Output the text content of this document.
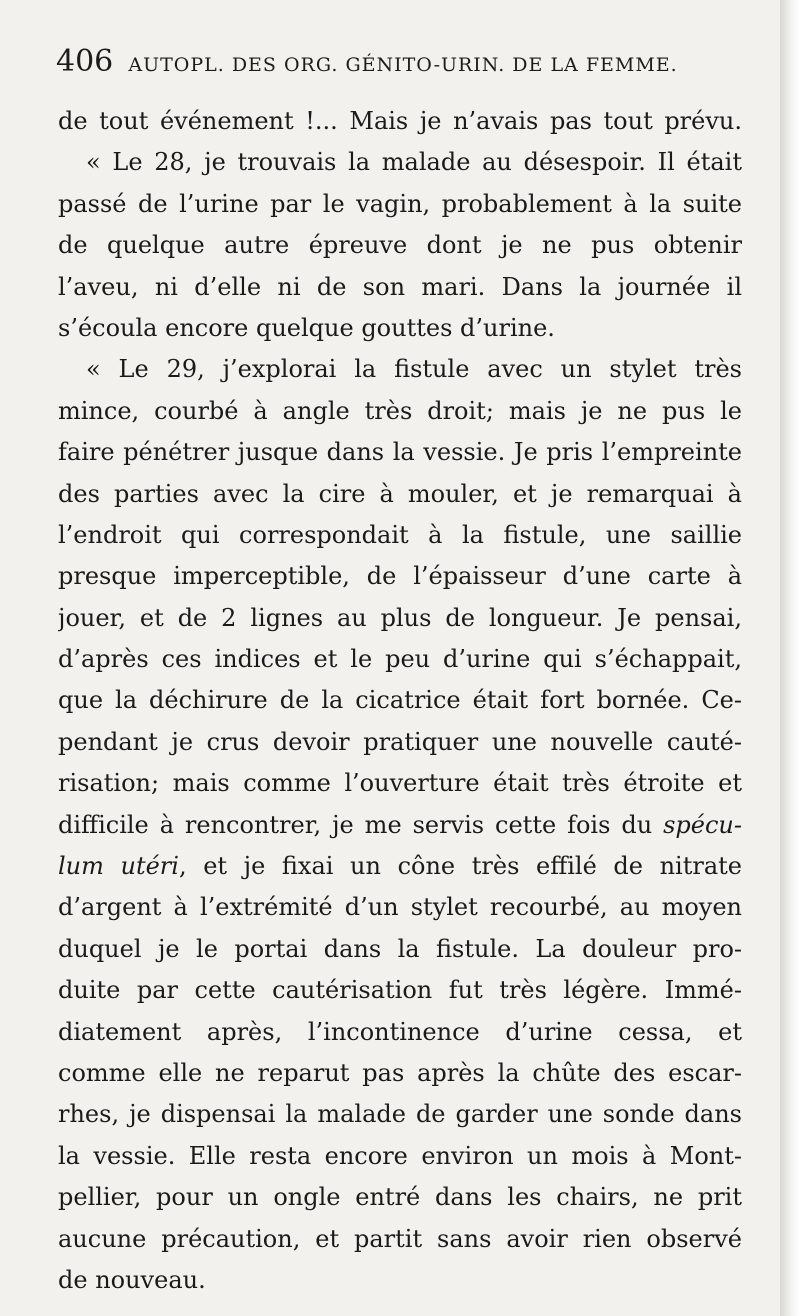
406 AUTOPL. DES ORG. GÉNITO-URIN. DE LA FEMME.
de tout événement !... Mais je n’avais pas tout prévu.
« Le 28, je trouvais la malade au désespoir. Il était
passé de l’urine par le vagin, probablement à la suite
de quelque autre épreuve dont je ne pus obtenir
l’aveu, ni d’elle ni de son mari. Dans la journée il
s’écoula encore quelque gouttes d’urine.
« Le 29, j’explorai la fistule avec un stylet très
mince, courbé à angle très droit; mais je ne pus le
faire pénétrer jusque dans la vessie. Je pris l’empreinte
des parties avec la cire à mouler, et je remarquai à
l’endroit qui correspondait à la fistule, une saillie
presque imperceptible, de l’épaisseur d’une carte à
jouer, et de 2 lignes au plus de longueur. Je pensai,
d’après ces indices et le peu d’urine qui s’échappait,
que la déchirure de la cicatrice était fort bornée. Ce-
pendant je crus devoir pratiquer une nouvelle cauté-
risation; mais comme l’ouverture était très étroite et
difficile à rencontrer, je me servis cette fois du spécu-
lum utéri, et je fixai un cône très effilé de nitrate
d’argent à l’extrémité d’un stylet recourbé, au moyen
duquel je le portai dans la fistule. La douleur pro-
duite par cette cautérisation fut très légère. Immé-
diatement après, l’incontinence d’urine cessa, et
comme elle ne reparut pas après la chûte des escar-
rhes, je dispensai la malade de garder une sonde dans
la vessie. Elle resta encore environ un mois à Mont-
pellier, pour un ongle entré dans les chairs, ne prit
aucune précaution, et partit sans avoir rien observé
de nouveau.
